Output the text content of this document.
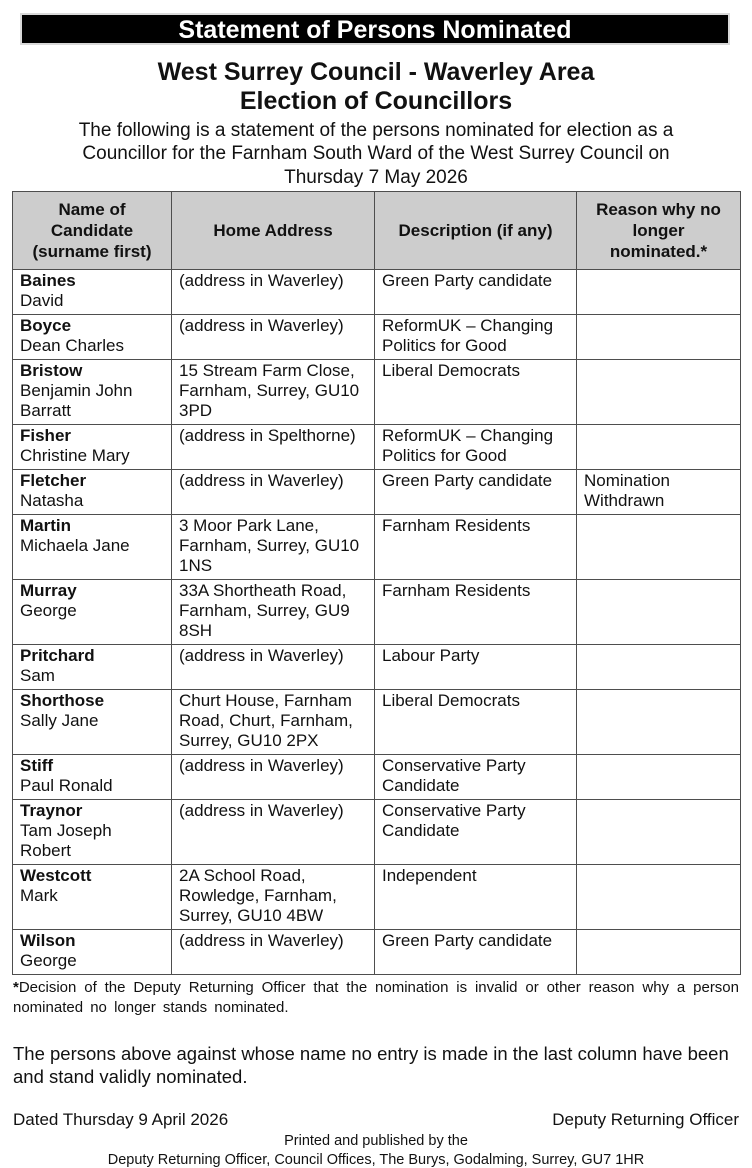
Statement of Persons Nominated
West Surrey Council - Waverley Area
Election of Councillors

The following is a statement of the persons nominated for election as a Councillor for the Farnham South Ward of the West Surrey Council on Thursday 7 May 2026

Name of Candidate (surname first)	Home Address	Description (if any)	Reason why no longer nominated.*
Baines
David	(address in Waverley)	Green Party candidate	
Boyce
Dean Charles	(address in Waverley)	ReformUK – Changing Politics for Good	
Bristow
Benjamin John Barratt	15 Stream Farm Close, Farnham, Surrey, GU10 3PD	Liberal Democrats	
Fisher
Christine Mary	(address in Spelthorne)	ReformUK – Changing Politics for Good	
Fletcher
Natasha	(address in Waverley)	Green Party candidate	Nomination Withdrawn
Martin
Michaela Jane	3 Moor Park Lane, Farnham, Surrey, GU10 1NS	Farnham Residents	
Murray
George	33A Shortheath Road, Farnham, Surrey, GU9 8SH	Farnham Residents	
Pritchard
Sam	(address in Waverley)	Labour Party	
Shorthose
Sally Jane	Churt House, Farnham Road, Churt, Farnham, Surrey, GU10 2PX	Liberal Democrats	
Stiff
Paul Ronald	(address in Waverley)	Conservative Party Candidate	
Traynor
Tam Joseph Robert	(address in Waverley)	Conservative Party Candidate	
Westcott
Mark	2A School Road, Rowledge, Farnham, Surrey, GU10 4BW	Independent	
Wilson
George	(address in Waverley)	Green Party candidate	

*Decision of the Deputy Returning Officer that the nomination is invalid or other reason why a person nominated no longer stands nominated.

The persons above against whose name no entry is made in the last column have been and stand validly nominated.

Dated Thursday 9 April 2026	Deputy Returning Officer

Printed and published by the

Deputy Returning Officer, Council Offices, The Burys, Godalming, Surrey, GU7 1HR
